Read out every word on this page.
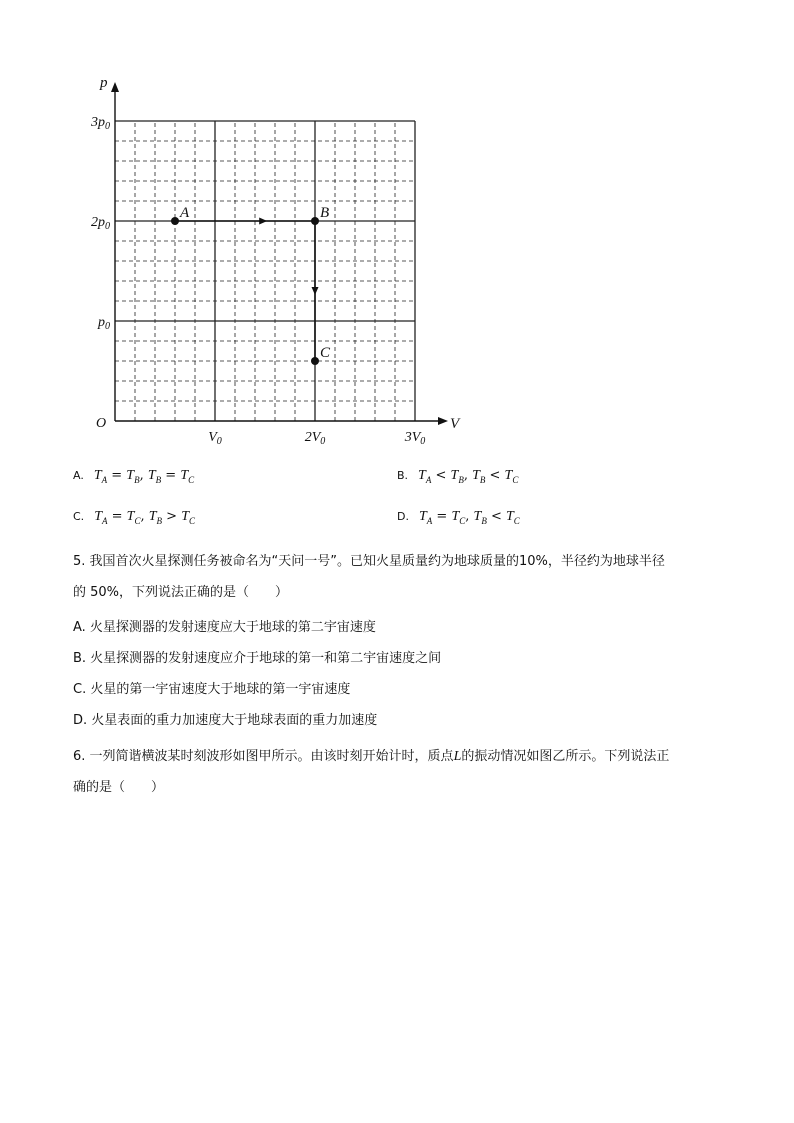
p
V
O
$3p_0$
$2p_0$
$p_0$
$V_0$	$2V_0$	$3V_0$
A	B
C
A. $T_A = T_B$, $T_B = T_C$	B. $T_A < T_B$, $T_B < T_C$
C. $T_A = T_C$, $T_B > T_C$	D. $T_A = T_C$, $T_B < T_C$
5. 我国首次火星探测任务被命名为“天问一号”。已知火星质量约为地球质量的10%，半径约为地球半径
的 50%，下列说法正确的是（　　）
A. 火星探测器的发射速度应大于地球的第二宇宙速度
B. 火星探测器的发射速度应介于地球的第一和第二宇宙速度之间
C. 火星的第一宇宙速度大于地球的第一宇宙速度
D. 火星表面的重力加速度大于地球表面的重力加速度
6. 一列简谐横波某时刻波形如图甲所示。由该时刻开始计时，质点L的振动情况如图乙所示。下列说法正
确的是（　　）
